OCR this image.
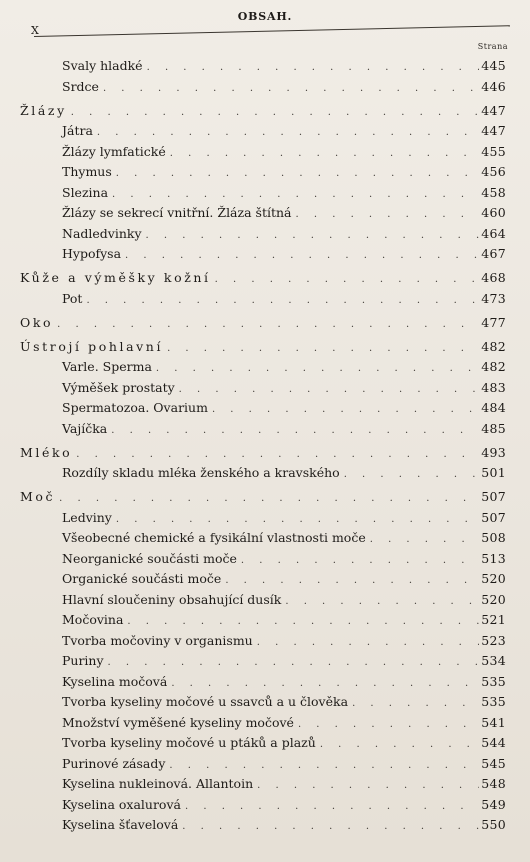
X
OBSAH.
Strana
Svaly hladké . . .	445
Srdce . . .	446
Žlázy . . .	447
Játra . . .	447
Žlázy lymfatické . . .	455
Thymus . . .	456
Slezina . . .	458
Žlázy se sekrecí vnitřní. Žláza štítná . . .	460
Nadledvinky . . .	464
Hypofysa . . .	467
Kůže a výměšky kožní . . .	468
Pot . . .	473
Oko . . .	477
Ústrojí pohlavní . . .	482
Varle. Sperma . . .	482
Výměšek prostaty . . .	483
Spermatozoa. Ovarium . . .	484
Vajíčka . . .	485
Mléko . . .	493
Rozdíly skladu mléka ženského a kravského . . .	501
Moč . . .	507
Ledviny . . .	507
Všeobecné chemické a fysikální vlastnosti moče . . .	508
Neorganické součásti moče . . .	513
Organické součásti moče . . .	520
Hlavní sloučeniny obsahující dusík . . .	520
Močovina . . .	521
Tvorba močoviny v organismu . . .	523
Puriny . . .	534
Kyselina močová . . .	535
Tvorba kyseliny močové u ssavců a u člověka . . .	535
Množství vyměšené kyseliny močové . . .	541
Tvorba kyseliny močové u ptáků a plazů . . .	544
Purinové zásady . . .	545
Kyselina nukleinová. Allantoin . . .	548
Kyselina oxalurová . . .	549
Kyselina šťavelová . . .	550
